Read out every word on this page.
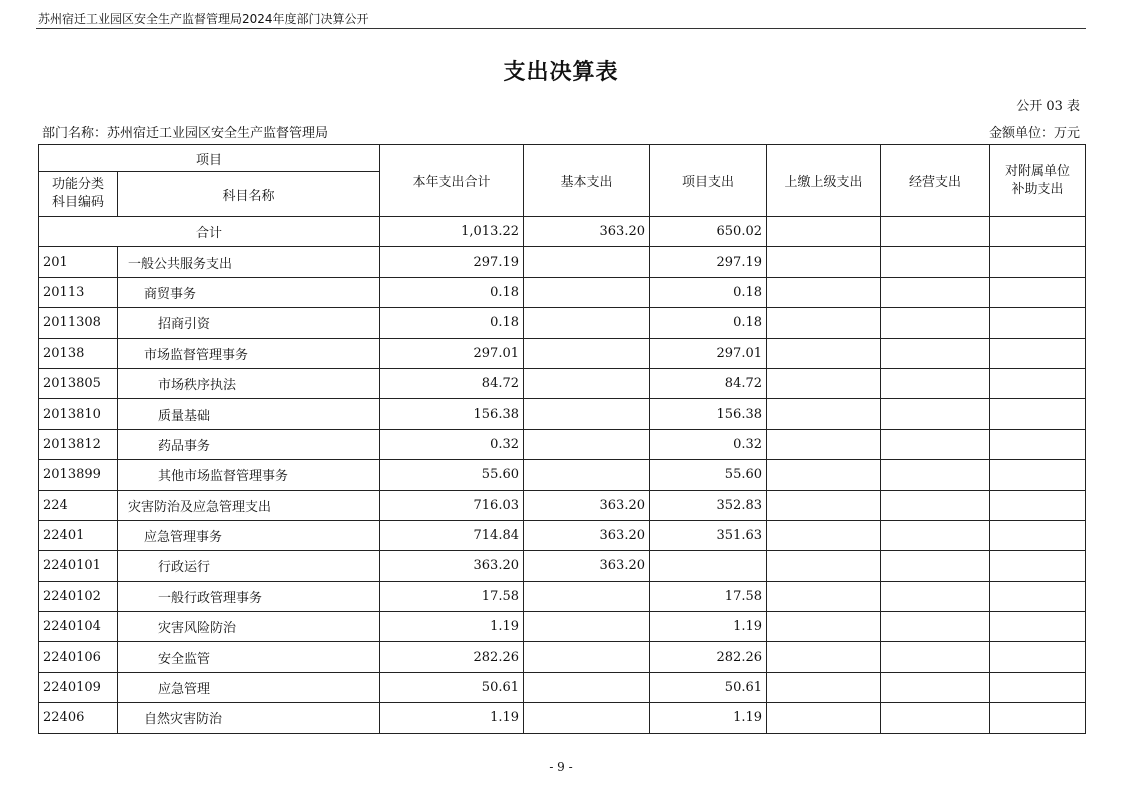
苏州宿迁工业园区安全生产监督管理局2024年度部门决算公开
支出决算表
公开 03 表
部门名称：苏州宿迁工业园区安全生产监督管理局	金额单位：万元
项目		本年支出合计	基本支出	项目支出	上缴上级支出	经营支出	对附属单位
补助支出

功能分类
科目编码	科目名称						
合计		1,013.22	363.20	650.02			
201	一般公共服务支出	297.19		297.19			
20113	商贸事务	0.18		0.18			
2011308	招商引资	0.18		0.18			
20138	市场监督管理事务	297.01		297.01			
2013805	市场秩序执法	84.72		84.72			
2013810	质量基础	156.38		156.38			
2013812	药品事务	0.32		0.32			
2013899	其他市场监督管理事务	55.60		55.60			
224	灾害防治及应急管理支出	716.03	363.20	352.83			
22401	应急管理事务	714.84	363.20	351.63			
2240101	行政运行	363.20	363.20				
2240102	一般行政管理事务	17.58		17.58			
2240104	灾害风险防治	1.19		1.19			
2240106	安全监管	282.26		282.26			
2240109	应急管理	50.61		50.61			
22406	自然灾害防治	1.19		1.19			
- 9 -
